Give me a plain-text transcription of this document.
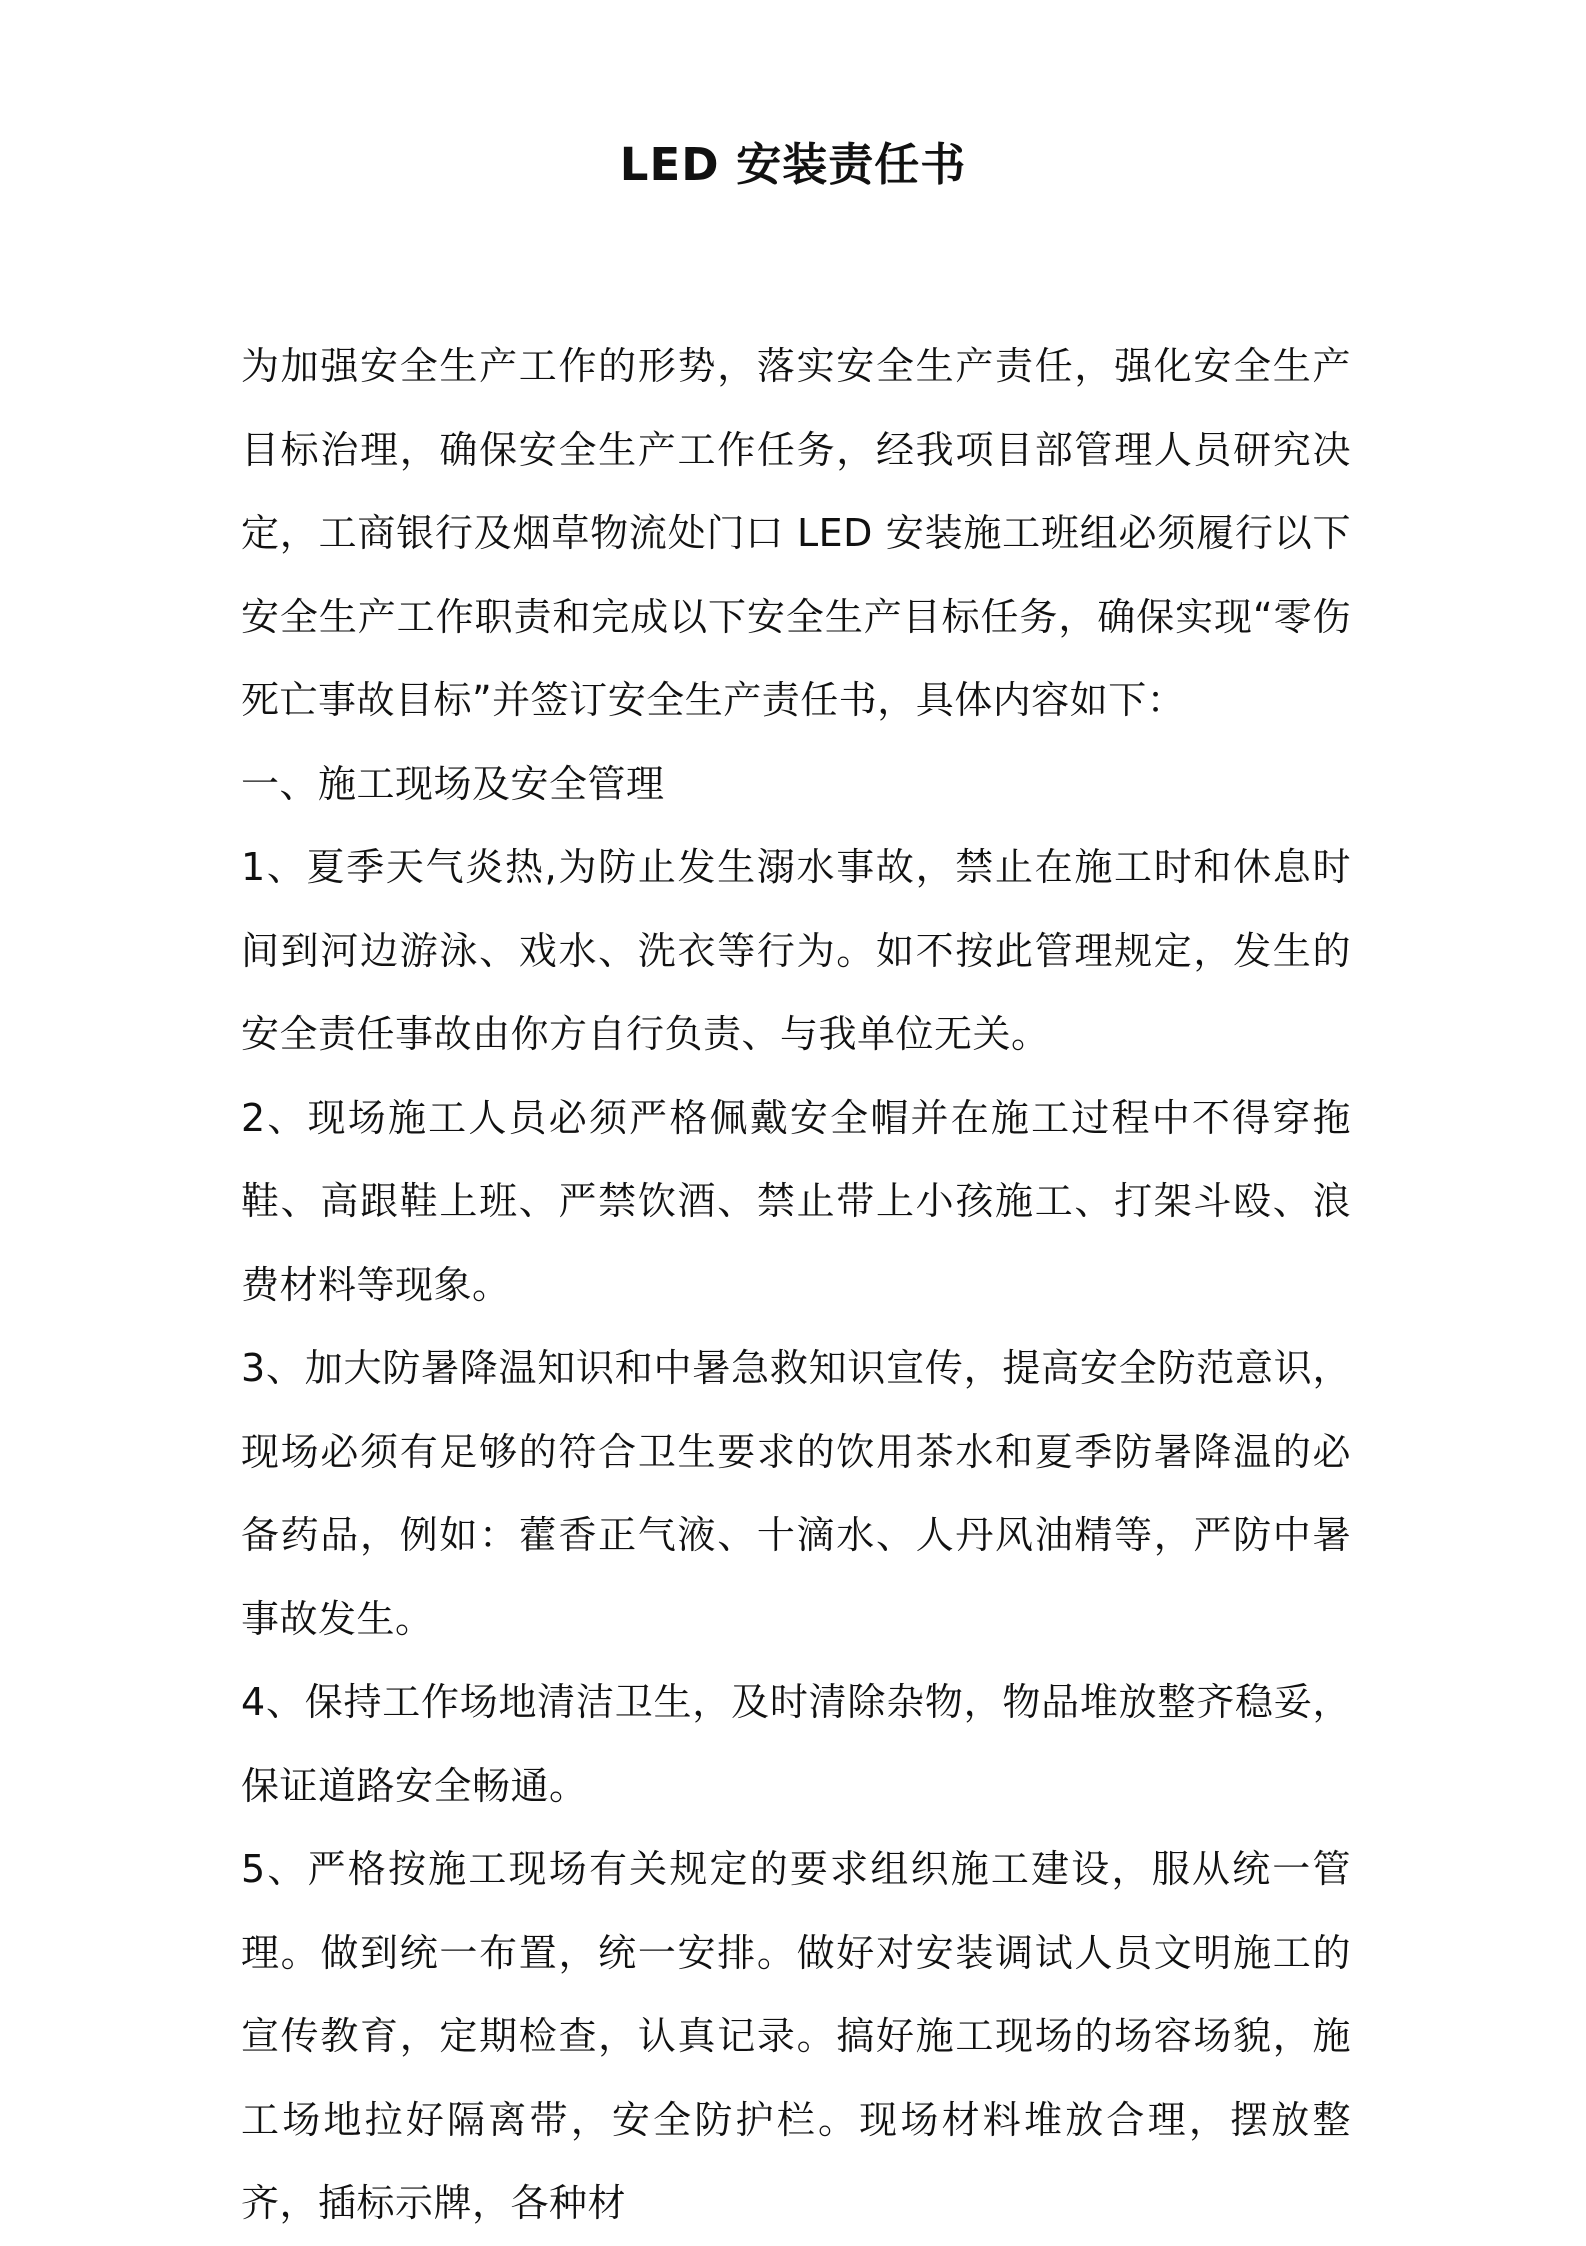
LED 安装责任书

为加强安全生产工作的形势，落实安全生产责任，强化安全生产目标治理，确保安全生产工作任务，经我项目部管理人员研究决定，工商银行及烟草物流处门口 LED 安装施工班组必须履行以下安全生产工作职责和完成以下安全生产目标任务，确保实现“零伤死亡事故目标”并签订安全生产责任书，具体内容如下：

一、施工现场及安全管理

1、夏季天气炎热,为防止发生溺水事故，禁止在施工时和休息时间到河边游泳、戏水、洗衣等行为。如不按此管理规定，发生的安全责任事故由你方自行负责、与我单位无关。

2、现场施工人员必须严格佩戴安全帽并在施工过程中不得穿拖鞋、高跟鞋上班、严禁饮酒、禁止带上小孩施工、打架斗殴、浪费材料等现象。

3、加大防暑降温知识和中暑急救知识宣传，提高安全防范意识，现场必须有足够的符合卫生要求的饮用茶水和夏季防暑降温的必备药品，例如：藿香正气液、十滴水、人丹风油精等，严防中暑事故发生。

4、保持工作场地清洁卫生，及时清除杂物，物品堆放整齐稳妥，保证道路安全畅通。

5、严格按施工现场有关规定的要求组织施工建设，服从统一管理。做到统一布置，统一安排。做好对安装调试人员文明施工的宣传教育，定期检查，认真记录。搞好施工现场的场容场貌，施工场地拉好隔离带，安全防护栏。现场材料堆放合理，摆放整齐，插标示牌，各种材
